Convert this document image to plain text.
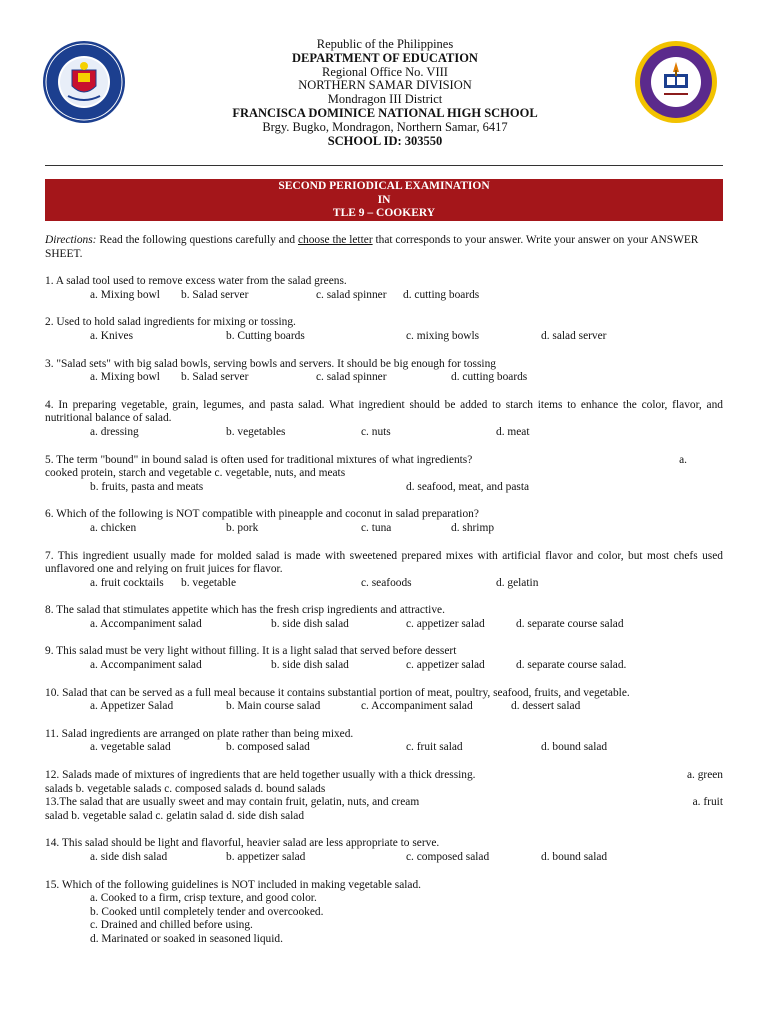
Republic of the Philippines
DEPARTMENT OF EDUCATION
Regional Office No. VIII
NORTHERN SAMAR DIVISION
Mondragon III District
FRANCISCA DOMINICE NATIONAL HIGH SCHOOL
Brgy. Bugko, Mondragon, Northern Samar, 6417
SCHOOL ID: 303550
SECOND PERIODICAL EXAMINATION
IN
TLE 9 – COOKERY
Directions: Read the following questions carefully and choose the letter that corresponds to your answer. Write your answer on your ANSWER SHEET.
1. A salad tool used to remove excess water from the salad greens.
a. Mixing bowl b. Salad server	c. salad spinner d. cutting boards
2. Used to hold salad ingredients for mixing or tossing.
a. Knives	b. Cutting boards	c. mixing bowls	d. salad server
3. "Salad sets" with big salad bowls, serving bowls and servers. It should be big enough for tossing
a. Mixing bowl b. Salad server	c. salad spinner	d. cutting boards
4. In preparing vegetable, grain, legumes, and pasta salad. What ingredient should be added to starch items to enhance the color, flavor, and nutritional balance of salad.
a. dressing	b. vegetables	c. nuts	d. meat
5. The term "bound" in bound salad is often used for traditional mixtures of what ingredients?	a.
cooked protein, starch and vegetable c. vegetable, nuts, and meats
b. fruits, pasta and meats	d. seafood, meat, and pasta
6. Which of the following is NOT compatible with pineapple and coconut in salad preparation?
a. chicken	b. pork	c. tuna	d. shrimp
7. This ingredient usually made for molded salad is made with sweetened prepared mixes with artificial flavor and color, but most chefs used unflavored one and relying on fruit juices for flavor.
a. fruit cocktails b. vegetable	c. seafoods	d. gelatin
8. The salad that stimulates appetite which has the fresh crisp ingredients and attractive.
a. Accompaniment salad	b. side dish salad	c. appetizer salad	d. separate course salad
9. This salad must be very light without filling. It is a light salad that served before dessert
a. Accompaniment salad	b. side dish salad	c. appetizer salad	d. separate course salad.
10. Salad that can be served as a full meal because it contains substantial portion of meat, poultry, seafood, fruits, and vegetable.
a. Appetizer Salad	b. Main course salad	c. Accompaniment salad	d. dessert salad
11. Salad ingredients are arranged on plate rather than being mixed.
a. vegetable salad	b. composed salad	c. fruit salad	d. bound salad
12. Salads made of mixtures of ingredients that are held together usually with a thick dressing.	a. green
salads b. vegetable salads c. composed salads d. bound salads
13.The salad that are usually sweet and may contain fruit, gelatin, nuts, and cream	a. fruit
salad b. vegetable salad c. gelatin salad d. side dish salad
14. This salad should be light and flavorful, heavier salad are less appropriate to serve.
a. side dish salad	b. appetizer salad	c. composed salad	d. bound salad
15. Which of the following guidelines is NOT included in making vegetable salad.
a. Cooked to a firm, crisp texture, and good color.
b. Cooked until completely tender and overcooked.
c. Drained and chilled before using.
d. Marinated or soaked in seasoned liquid.
